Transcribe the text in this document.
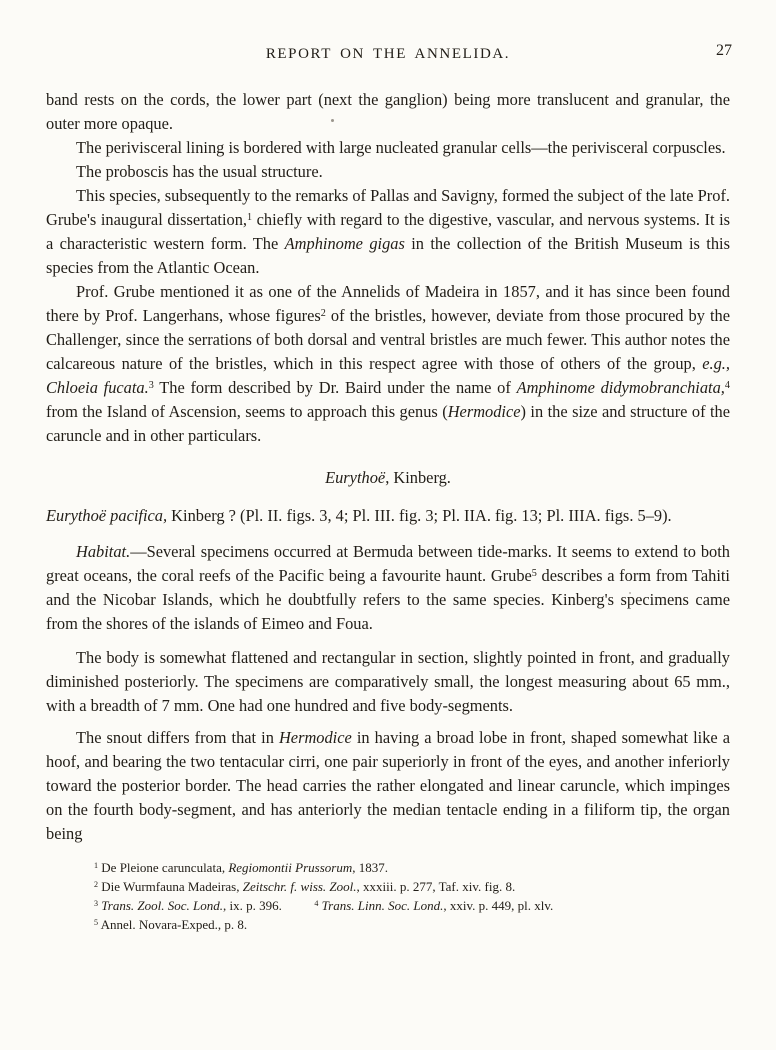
REPORT ON THE ANNELIDA.	27

band rests on the cords, the lower part (next the ganglion) being more translucent and granular, the outer more opaque.

The perivisceral lining is bordered with large nucleated granular cells—the perivisceral corpuscles.

The proboscis has the usual structure.

This species, subsequently to the remarks of Pallas and Savigny, formed the subject of the late Prof. Grube's inaugural dissertation,$^1$ chiefly with regard to the digestive, vascular, and nervous systems. It is a characteristic western form. The Amphinome gigas in the collection of the British Museum is this species from the Atlantic Ocean.

Prof. Grube mentioned it as one of the Annelids of Madeira in 1857, and it has since been found there by Prof. Langerhans, whose figures$^2$ of the bristles, however, deviate from those procured by the Challenger, since the serrations of both dorsal and ventral bristles are much fewer. This author notes the calcareous nature of the bristles, which in this respect agree with those of others of the group, e.g., Chloeia fucata.$^3$ The form described by Dr. Baird under the name of Amphinome didymobranchiata,$^4$ from the Island of Ascension, seems to approach this genus (Hermodice) in the size and structure of the caruncle and in other particulars.

Eurythoë, Kinberg.

Eurythoë pacifica, Kinberg ? (Pl. II. figs. 3, 4; Pl. III. fig. 3; Pl. IIA. fig. 13; Pl. IIIA. figs. 5–9).

Habitat.—Several specimens occurred at Bermuda between tide-marks. It seems to extend to both great oceans, the coral reefs of the Pacific being a favourite haunt. Grube$^5$ describes a form from Tahiti and the Nicobar Islands, which he doubtfully refers to the same species. Kinberg's specimens came from the shores of the islands of Eimeo and Foua.

The body is somewhat flattened and rectangular in section, slightly pointed in front, and gradually diminished posteriorly. The specimens are comparatively small, the longest measuring about 65 mm., with a breadth of 7 mm. One had one hundred and five body-segments.

The snout differs from that in Hermodice in having a broad lobe in front, shaped somewhat like a hoof, and bearing the two tentacular cirri, one pair superiorly in front of the eyes, and another inferiorly toward the posterior border. The head carries the rather elongated and linear caruncle, which impinges on the fourth body-segment, and has anteriorly the median tentacle ending in a filiform tip, the organ being

$^1$ De Pleione carunculata, Regiomontii Prussorum, 1837.

$^2$ Die Wurmfauna Madeiras, Zeitschr. f. wiss. Zool., xxxiii. p. 277, Taf. xiv. fig. 8.

$^3$ Trans. Zool. Soc. Lond., ix. p. 396.   $^4$ Trans. Linn. Soc. Lond., xxiv. p. 449, pl. xlv.

$^5$ Annel. Novara-Exped., p. 8.
